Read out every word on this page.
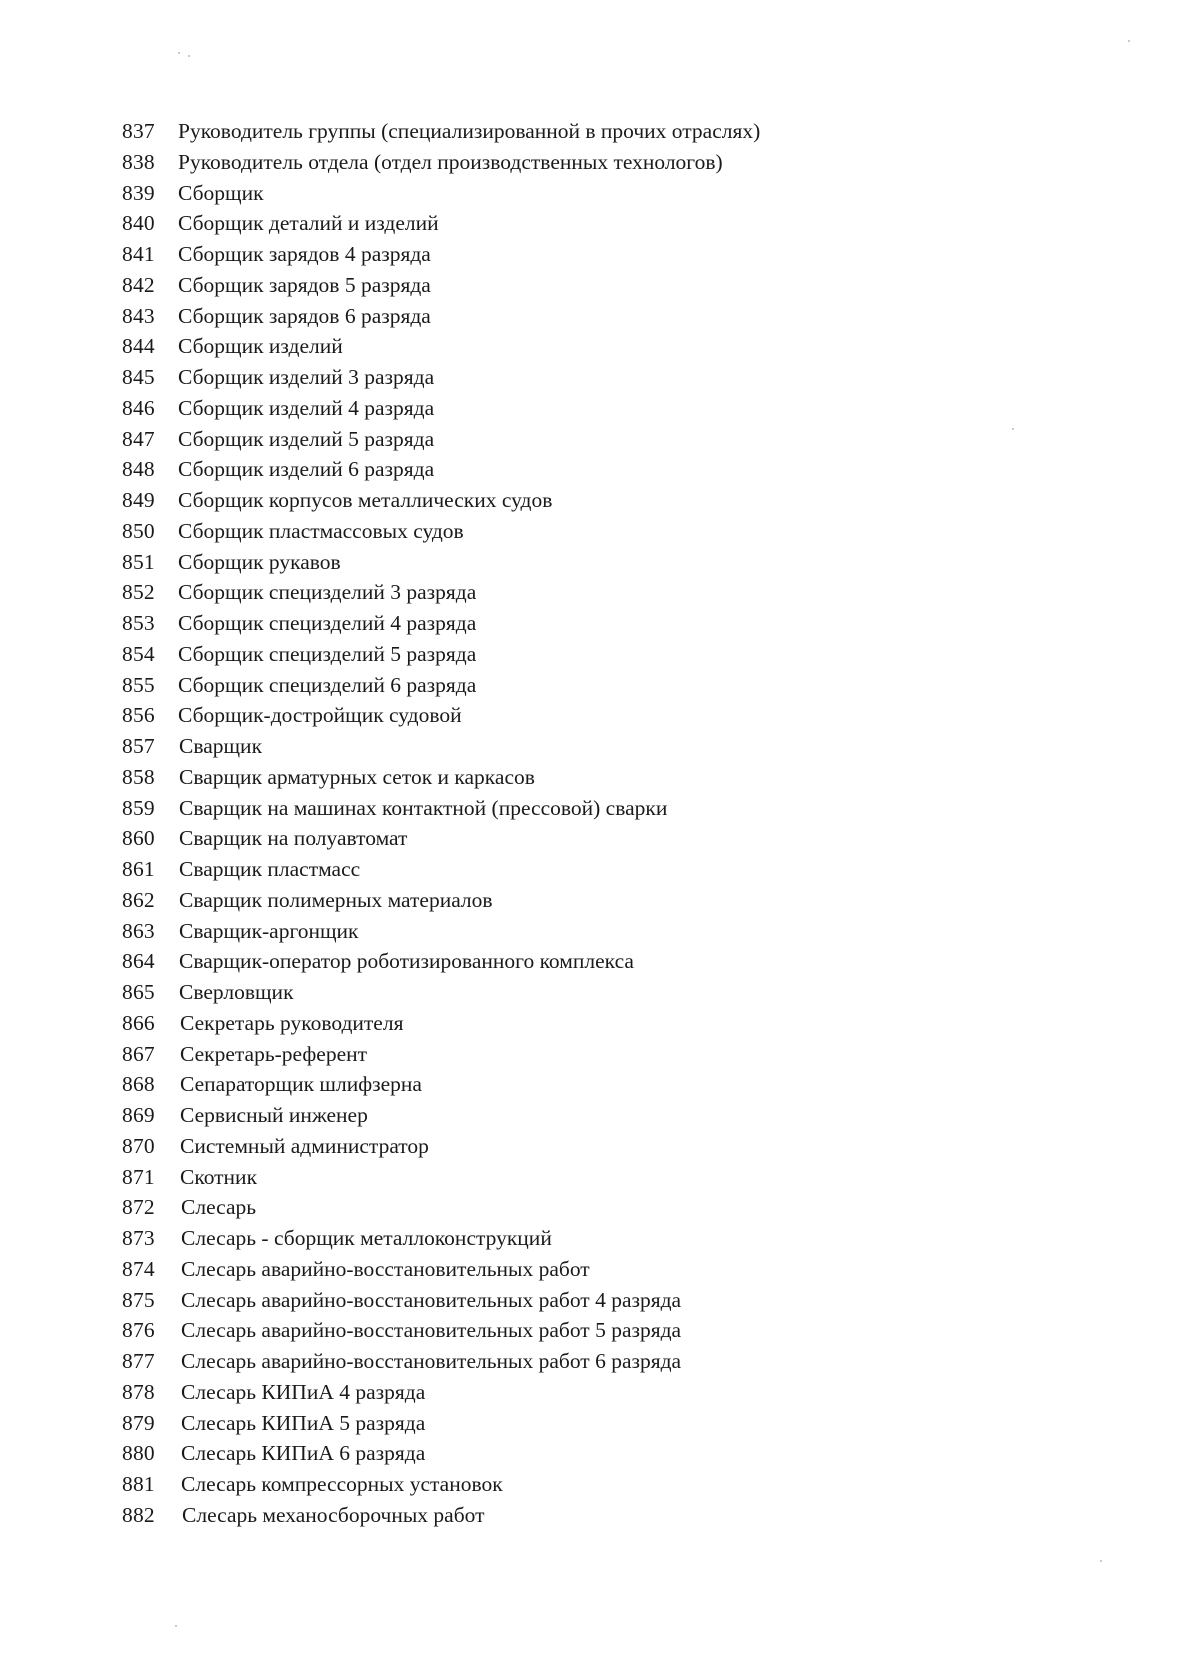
837	Руководитель группы (специализированной в прочих отраслях)
838	Руководитель отдела (отдел производственных технологов)
839	Сборщик
840	Сборщик деталий и изделий
841	Сборщик зарядов 4 разряда
842	Сборщик зарядов 5 разряда
843	Сборщик зарядов 6 разряда
844	Сборщик изделий
845	Сборщик изделий 3 разряда
846	Сборщик изделий 4 разряда
847	Сборщик изделий 5 разряда
848	Сборщик изделий 6 разряда
849	Сборщик корпусов металлических судов
850	Сборщик пластмассовых судов
851	Сборщик рукавов
852	Сборщик специзделий 3 разряда
853	Сборщик специзделий 4 разряда
854	Сборщик специзделий 5 разряда
855	Сборщик специзделий 6 разряда
856	Сборщик-достройщик судовой
857	Сварщик
858	Сварщик арматурных сеток и каркасов
859	Сварщик на машинах контактной (прессовой) сварки
860	Сварщик на полуавтомат
861	Сварщик пластмасс
862	Сварщик полимерных материалов
863	Сварщик-аргонщик
864	Сварщик-оператор роботизированного комплекса
865	Сверловщик
866	Секретарь руководителя
867	Секретарь-референт
868	Сепараторщик шлифзерна
869	Сервисный инженер
870	Системный администратор
871	Скотник
872	Слесарь
873	Слесарь - сборщик металлоконструкций
874	Слесарь аварийно-восстановительных работ
875	Слесарь аварийно-восстановительных работ 4 разряда
876	Слесарь аварийно-восстановительных работ 5 разряда
877	Слесарь аварийно-восстановительных работ 6 разряда
878	Слесарь КИПиА 4 разряда
879	Слесарь КИПиА 5 разряда
880	Слесарь КИПиА 6 разряда
881	Слесарь компрессорных установок
882	Слесарь механосборочных работ
